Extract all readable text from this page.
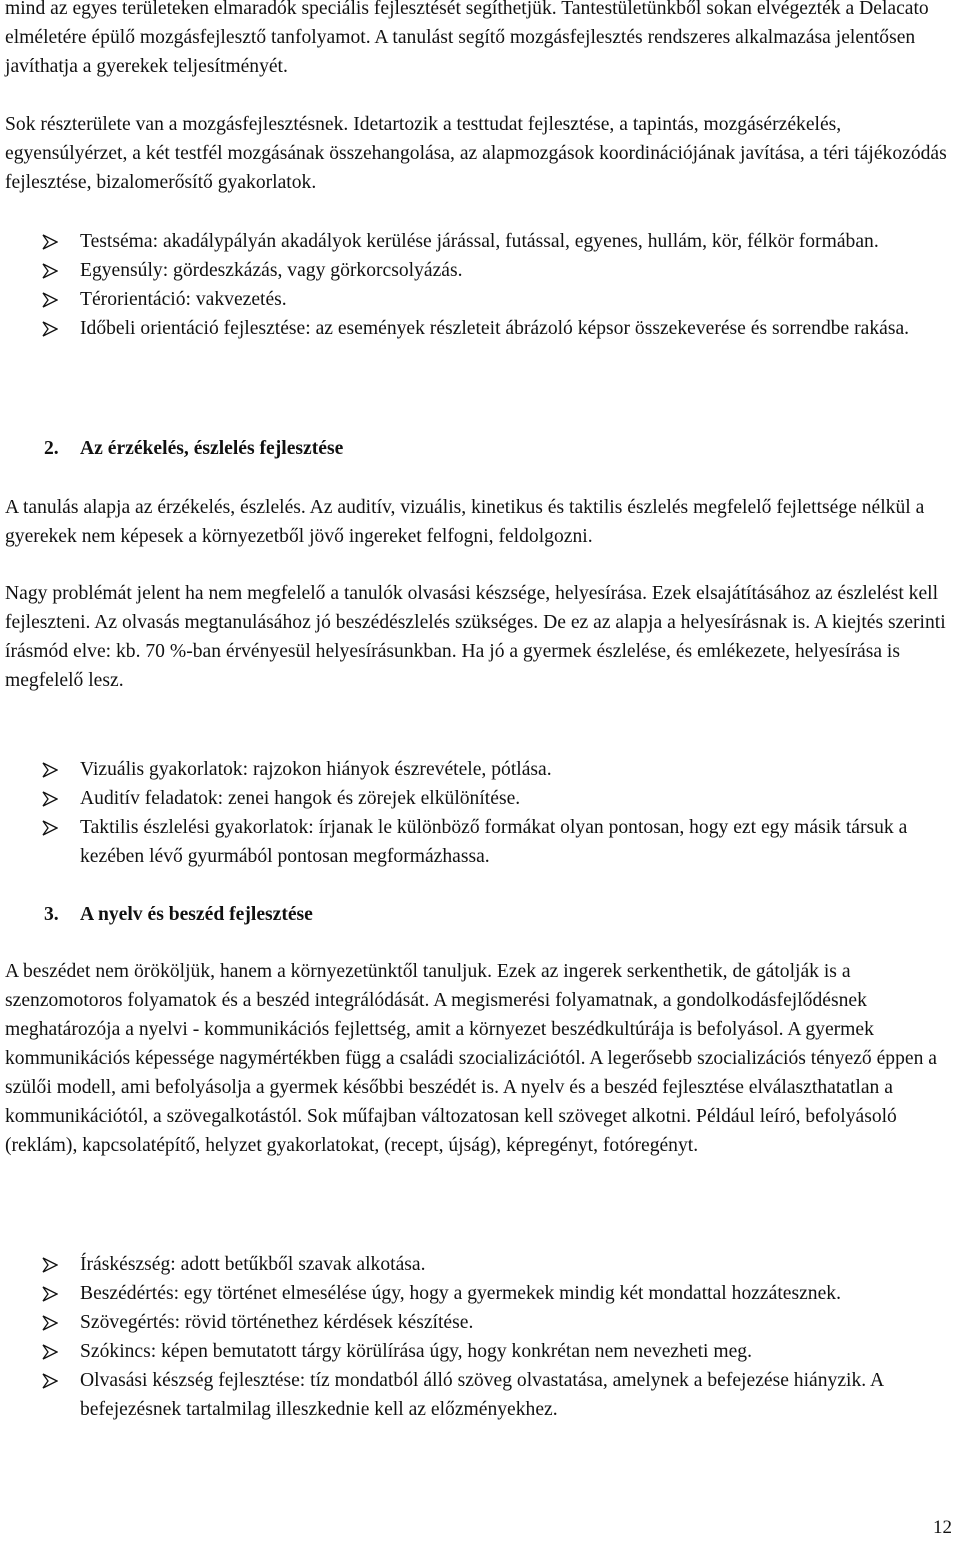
mind az egyes területeken elmaradók speciális fejlesztését segíthetjük. Tantestületünkből sokan elvégezték a Delacato elméletére épülő mozgásfejlesztő tanfolyamot. A tanulást segítő mozgásfejlesztés rendszeres alkalmazása jelentősen javíthatja a gyerekek teljesítményét.

Sok részterülete van a mozgásfejlesztésnek. Idetartozik a testtudat fejlesztése, a tapintás, mozgásérzékelés, egyensúlyérzet, a két testfél mozgásának összehangolása, az alapmozgások koordinációjának javítása, a téri tájékozódás fejlesztése, bizalomerősítő gyakorlatok.

Testséma: akadálypályán akadályok kerülése járással, futással, egyenes, hullám, kör, félkör formában.
Egyensúly: gördeszkázás, vagy görkorcsolyázás.
Térorientáció: vakvezetés.
Időbeli orientáció fejlesztése: az események részleteit ábrázoló képsor összekeverése és sorrendbe rakása.
2. Az érzékelés, észlelés fejlesztése

A tanulás alapja az érzékelés, észlelés. Az auditív, vizuális, kinetikus és taktilis észlelés megfelelő fejlettsége nélkül a gyerekek nem képesek a környezetből jövő ingereket felfogni, feldolgozni.

Nagy problémát jelent ha nem megfelelő a tanulók olvasási készsége, helyesírása. Ezek elsajátításához az észlelést kell fejleszteni. Az olvasás megtanulásához jó beszédészlelés szükséges. De ez az alapja a helyesírásnak is. A kiejtés szerinti írásmód elve: kb. 70 %-ban érvényesül helyesírásunkban. Ha jó a gyermek észlelése, és emlékezete, helyesírása is megfelelő lesz.

Vizuális gyakorlatok: rajzokon hiányok észrevétele, pótlása.
Auditív feladatok: zenei hangok és zörejek elkülönítése.
Taktilis észlelési gyakorlatok: írjanak le különböző formákat olyan pontosan, hogy ezt egy másik társuk a kezében lévő gyurmából pontosan megformázhassa.
3. A nyelv és beszéd fejlesztése

A beszédet nem örököljük, hanem a környezetünktől tanuljuk. Ezek az ingerek serkenthetik, de gátolják is a szenzomotoros folyamatok és a beszéd integrálódását. A megismerési folyamatnak, a gondolkodásfejlődésnek meghatározója a nyelvi - kommunikációs fejlettség, amit a környezet beszédkultúrája is befolyásol. A gyermek kommunikációs képessége nagymértékben függ a családi szocializációtól. A legerősebb szocializációs tényező éppen a szülői modell, ami befolyásolja a gyermek későbbi beszédét is. A nyelv és a beszéd fejlesztése elválaszthatatlan a kommunikációtól, a szövegalkotástól. Sok műfajban változatosan kell szöveget alkotni. Például leíró, befolyásoló (reklám), kapcsolatépítő, helyzet gyakorlatokat, (recept, újság), képregényt, fotóregényt.

Íráskészség: adott betűkből szavak alkotása.
Beszédértés: egy történet elmesélése úgy, hogy a gyermekek mindig két mondattal hozzátesznek.
Szövegértés: rövid történethez kérdések készítése.
Szókincs: képen bemutatott tárgy körülírása úgy, hogy konkrétan nem nevezheti meg.
Olvasási készség fejlesztése: tíz mondatból álló szöveg olvastatása, amelynek a befejezése hiányzik. A befejezésnek tartalmilag illeszkednie kell az előzményekhez.
12
